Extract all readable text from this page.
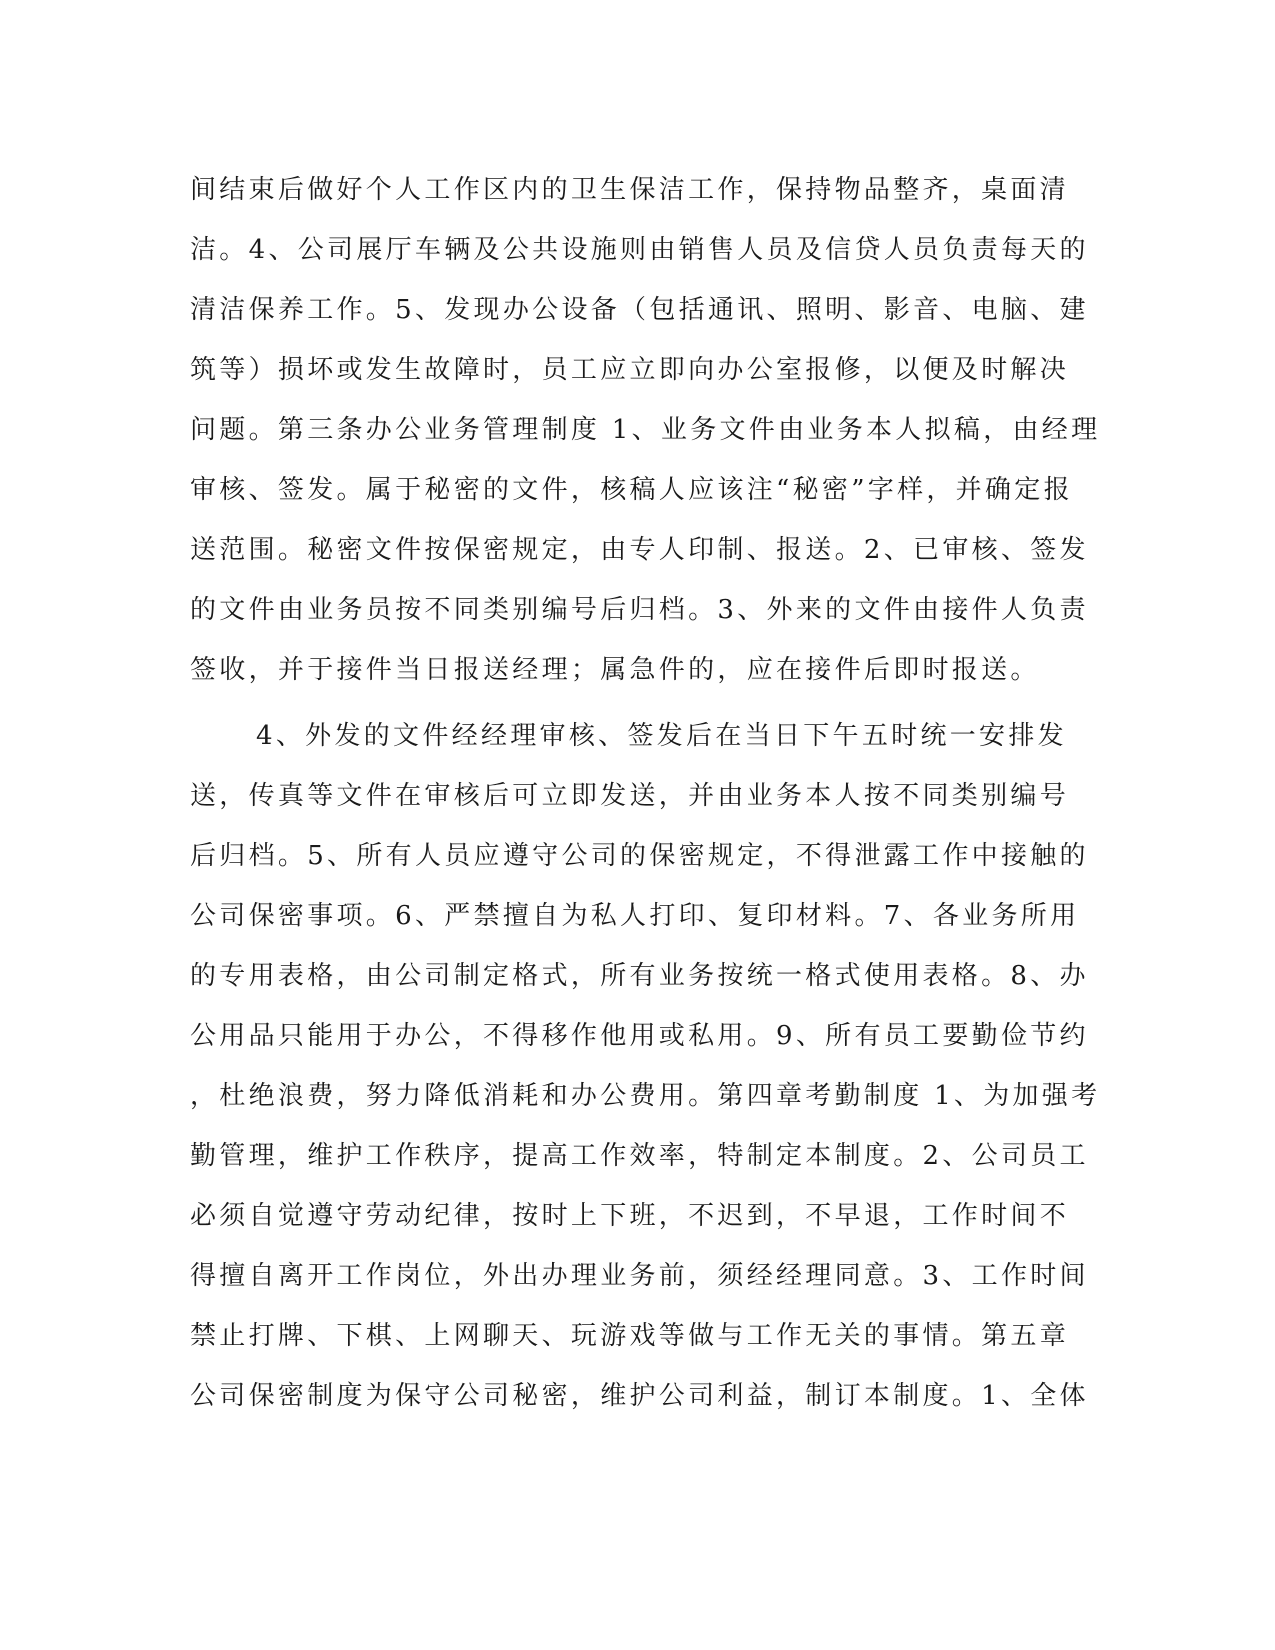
间结束后做好个人工作区内的卫生保洁工作，保持物品整齐，桌面清
洁。4、公司展厅车辆及公共设施则由销售人员及信贷人员负责每天的
清洁保养工作。5、发现办公设备（包括通讯、照明、影音、电脑、建
筑等）损坏或发生故障时，员工应立即向办公室报修，以便及时解决
问题。第三条办公业务管理制度 1、业务文件由业务本人拟稿，由经理
审核、签发。属于秘密的文件，核稿人应该注“秘密”字样，并确定报
送范围。秘密文件按保密规定，由专人印制、报送。2、已审核、签发
的文件由业务员按不同类别编号后归档。3、外来的文件由接件人负责
签收，并于接件当日报送经理；属急件的，应在接件后即时报送。
4、外发的文件经经理审核、签发后在当日下午五时统一安排发
送，传真等文件在审核后可立即发送，并由业务本人按不同类别编号
后归档。5、所有人员应遵守公司的保密规定，不得泄露工作中接触的
公司保密事项。6、严禁擅自为私人打印、复印材料。7、各业务所用
的专用表格，由公司制定格式，所有业务按统一格式使用表格。8、办
公用品只能用于办公，不得移作他用或私用。9、所有员工要勤俭节约
，杜绝浪费，努力降低消耗和办公费用。第四章考勤制度 1、为加强考
勤管理，维护工作秩序，提高工作效率，特制定本制度。2、公司员工
必须自觉遵守劳动纪律，按时上下班，不迟到，不早退，工作时间不
得擅自离开工作岗位，外出办理业务前，须经经理同意。3、工作时间
禁止打牌、下棋、上网聊天、玩游戏等做与工作无关的事情。第五章
公司保密制度为保守公司秘密，维护公司利益，制订本制度。1、全体
